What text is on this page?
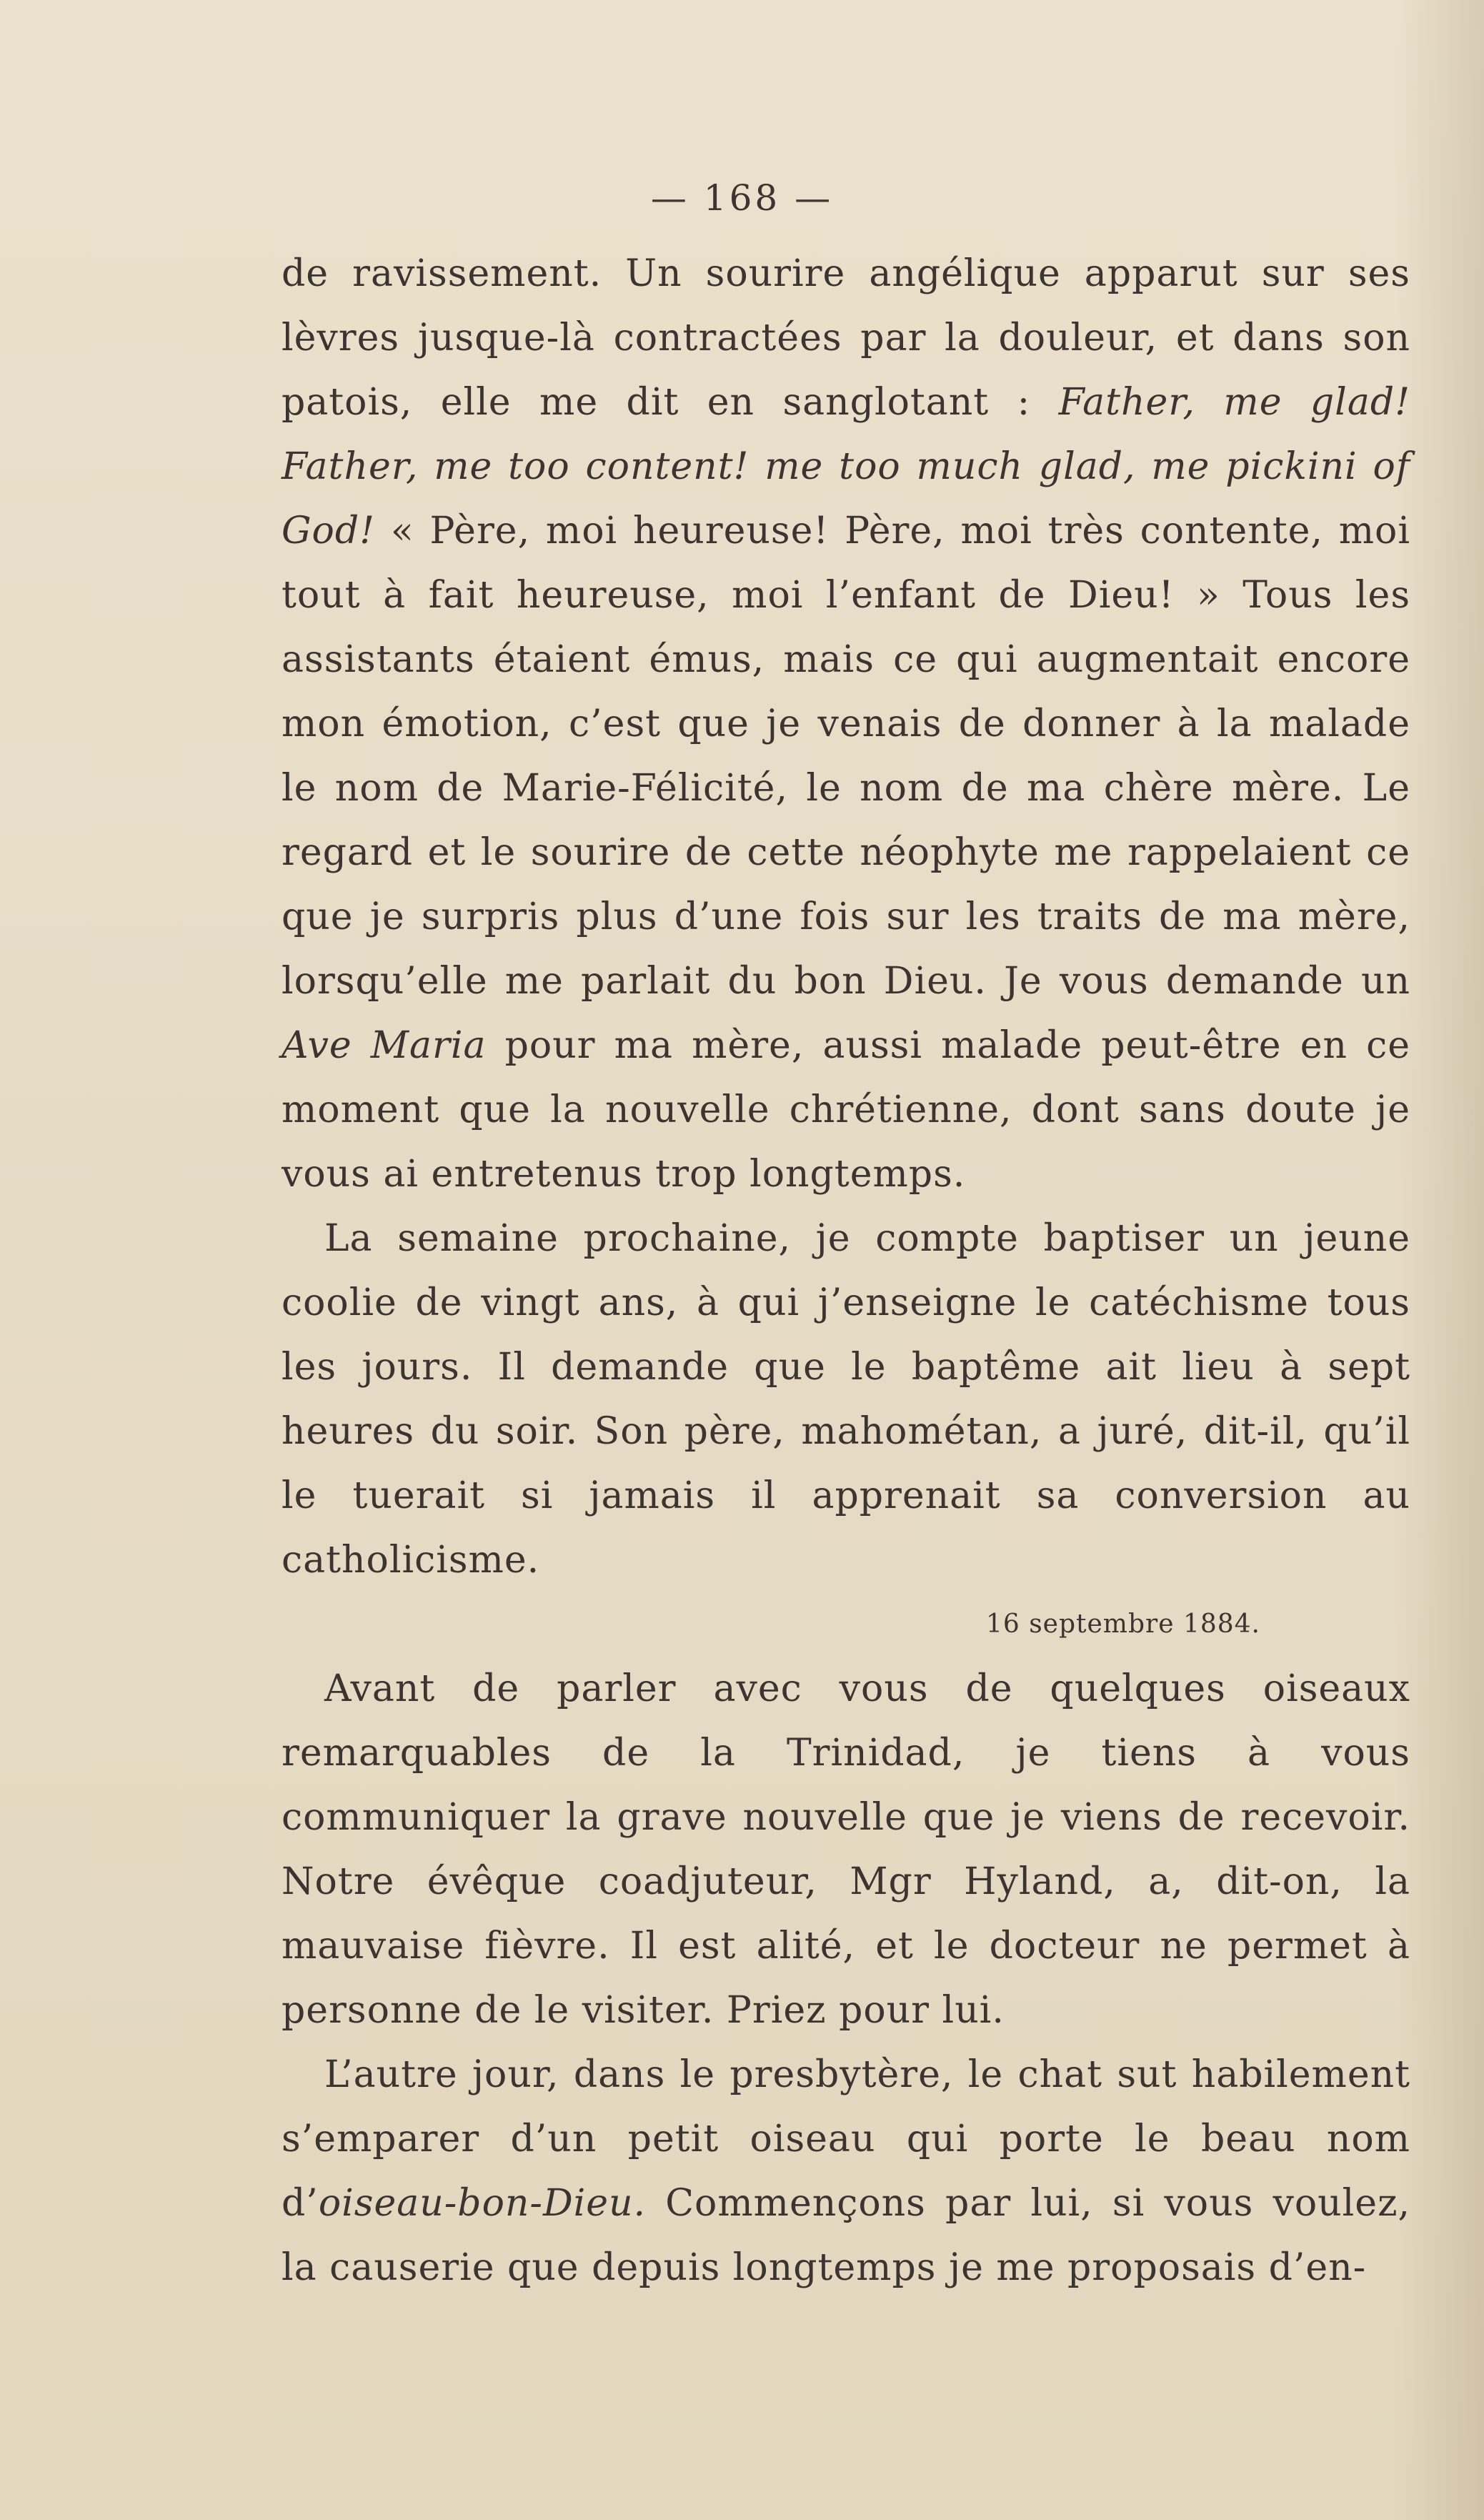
— 168 —

de ravissement. Un sourire angélique apparut sur ses lèvres jusque-là contractées par la douleur, et dans son patois, elle me dit en sanglotant : Father, me glad! Father, me too content! me too much glad, me pickini of God! « Père, moi heureuse! Père, moi très contente, moi tout à fait heureuse, moi l’enfant de Dieu! » Tous les assistants étaient émus, mais ce qui augmentait encore mon émotion, c’est que je venais de donner à la malade le nom de Marie-Félicité, le nom de ma chère mère. Le regard et le sourire de cette néophyte me rappelaient ce que je surpris plus d’une fois sur les traits de ma mère, lorsqu’elle me parlait du bon Dieu. Je vous demande un Ave Maria pour ma mère, aussi malade peut-être en ce moment que la nouvelle chrétienne, dont sans doute je vous ai entretenus trop longtemps.

La semaine prochaine, je compte baptiser un jeune coolie de vingt ans, à qui j’enseigne le catéchisme tous les jours. Il demande que le baptême ait lieu à sept heures du soir. Son père, mahométan, a juré, dit-il, qu’il le tuerait si jamais il apprenait sa conversion au catholicisme.

16 septembre 1884.

Avant de parler avec vous de quelques oiseaux remarquables de la Trinidad, je tiens à vous communiquer la grave nouvelle que je viens de recevoir. Notre évêque coadjuteur, Mgr Hyland, a, dit-on, la mauvaise fièvre. Il est alité, et le docteur ne permet à personne de le visiter. Priez pour lui.

L’autre jour, dans le presbytère, le chat sut habilement s’emparer d’un petit oiseau qui porte le beau nom d’oiseau-bon-Dieu. Commençons par lui, si vous voulez, la causerie que depuis longtemps je me proposais d’en-
